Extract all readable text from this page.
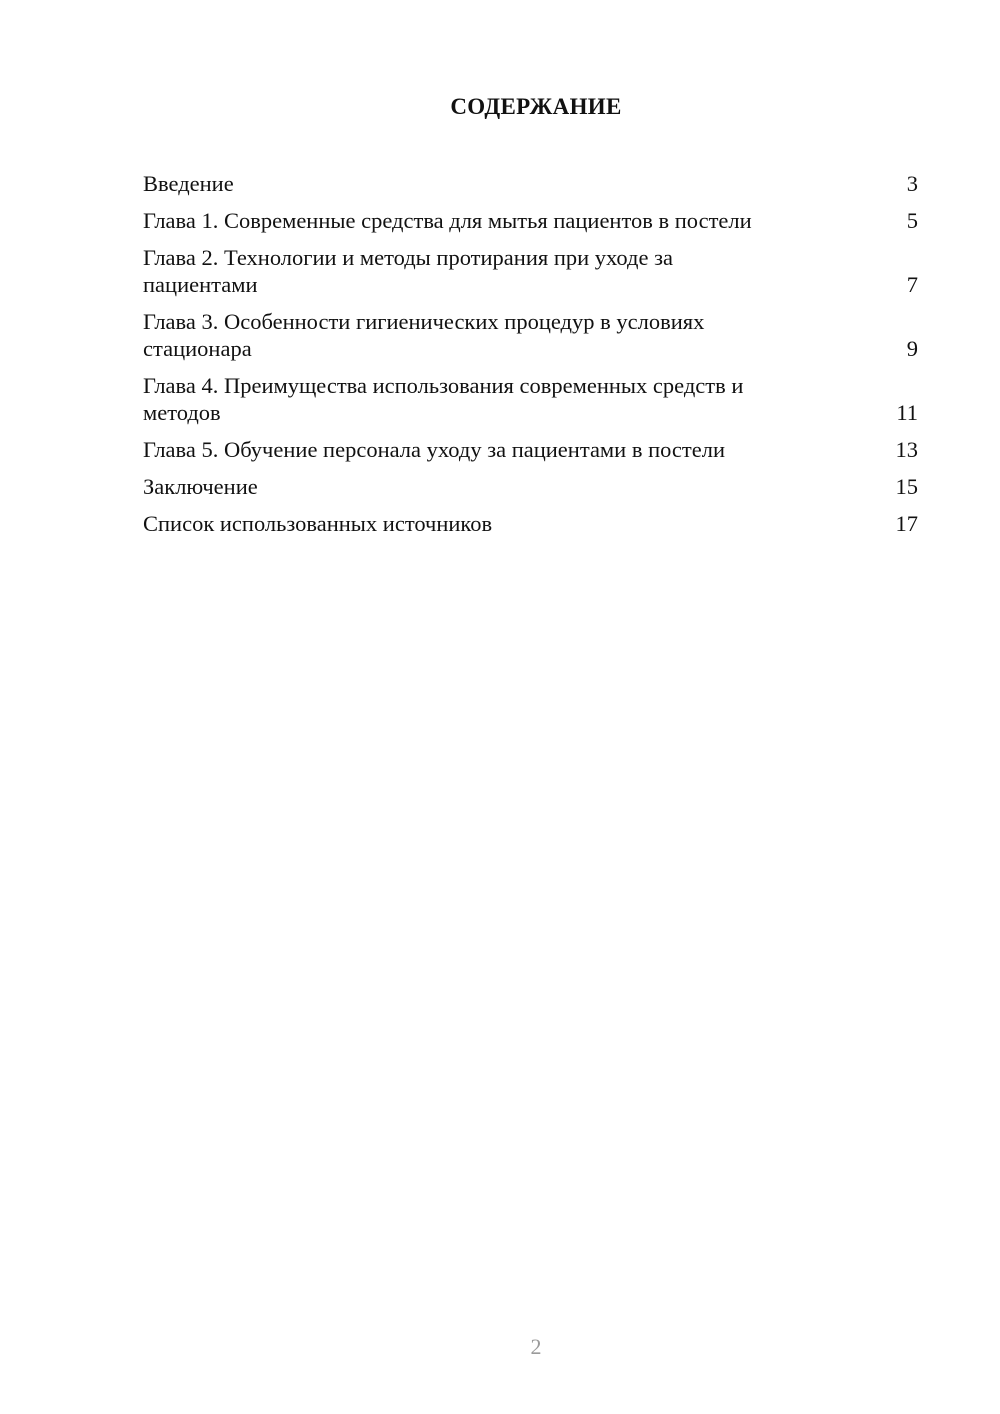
СОДЕРЖАНИЕ
Введение	3
Глава 1. Современные средства для мытья пациентов в постели	5
Глава 2. Технологии и методы протирания при уходе за
пациентами	7
Глава 3. Особенности гигиенических процедур в условиях
стационара	9
Глава 4. Преимущества использования современных средств и
методов	11
Глава 5. Обучение персонала уходу за пациентами в постели	13
Заключение	15
Список использованных источников	17
2
